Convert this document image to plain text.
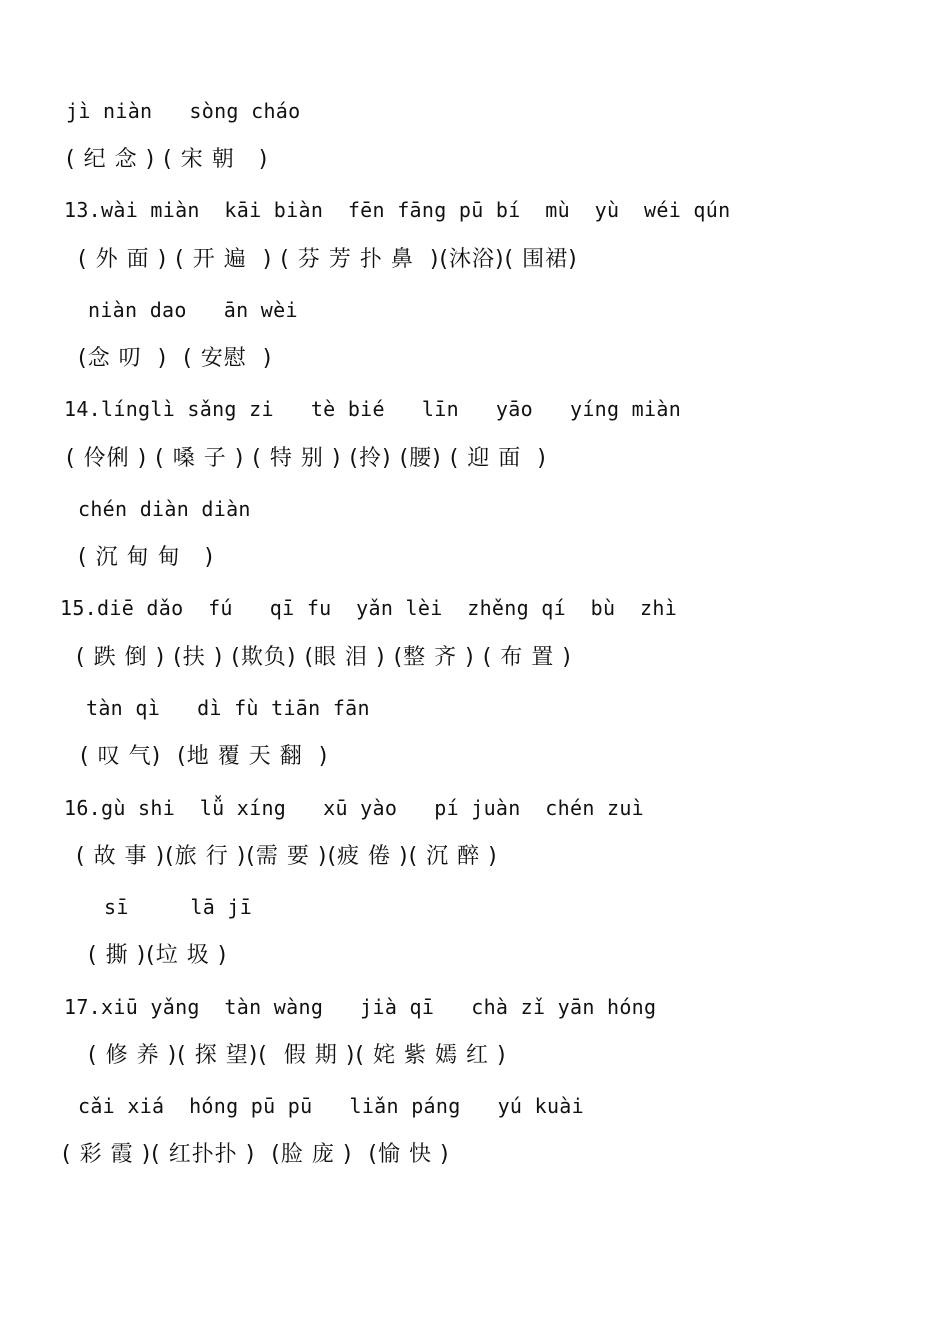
jì niàn   sòng cháo
( 纪 念 ) ( 宋 朝   )
13.wài miàn  kāi biàn  fēn fāng pū bí  mù  yù  wéi qún
( 外 面 ) ( 开 遍  ) ( 芬 芳 扑 鼻  )(沐浴)( 围裙)
niàn dao   ān wèi
(念 叨  )  ( 安慰  )
14.línglì sǎng zi   tè bié   līn   yāo   yíng miàn
( 伶俐 ) ( 嗓 子 ) ( 特 别 ) (拎) (腰) ( 迎 面  )
chén diàn diàn
( 沉 甸 甸   )
15.diē dǎo  fú   qī fu  yǎn lèi  zhěng qí  bù  zhì
( 跌 倒 ) (扶 ) (欺负) (眼 泪 ) (整 齐 ) ( 布 置 )
tàn qì   dì fù tiān fān
( 叹 气)  (地 覆 天 翻  )
16.gù shi  lǚ xíng   xū yào   pí juàn  chén zuì
( 故 事 )(旅 行 )(需 要 )(疲 倦 )( 沉 醉 )
sī     lā jī
( 撕 )(垃 圾 )
17.xiū yǎng  tàn wàng   jià qī   chà zǐ yān hóng
( 修 养 )( 探 望)(  假 期 )( 姹 紫 嫣 红 )
cǎi xiá  hóng pū pū   liǎn páng   yú kuài
( 彩 霞 )( 红扑扑 )  (脸 庞 )  (愉 快 )
